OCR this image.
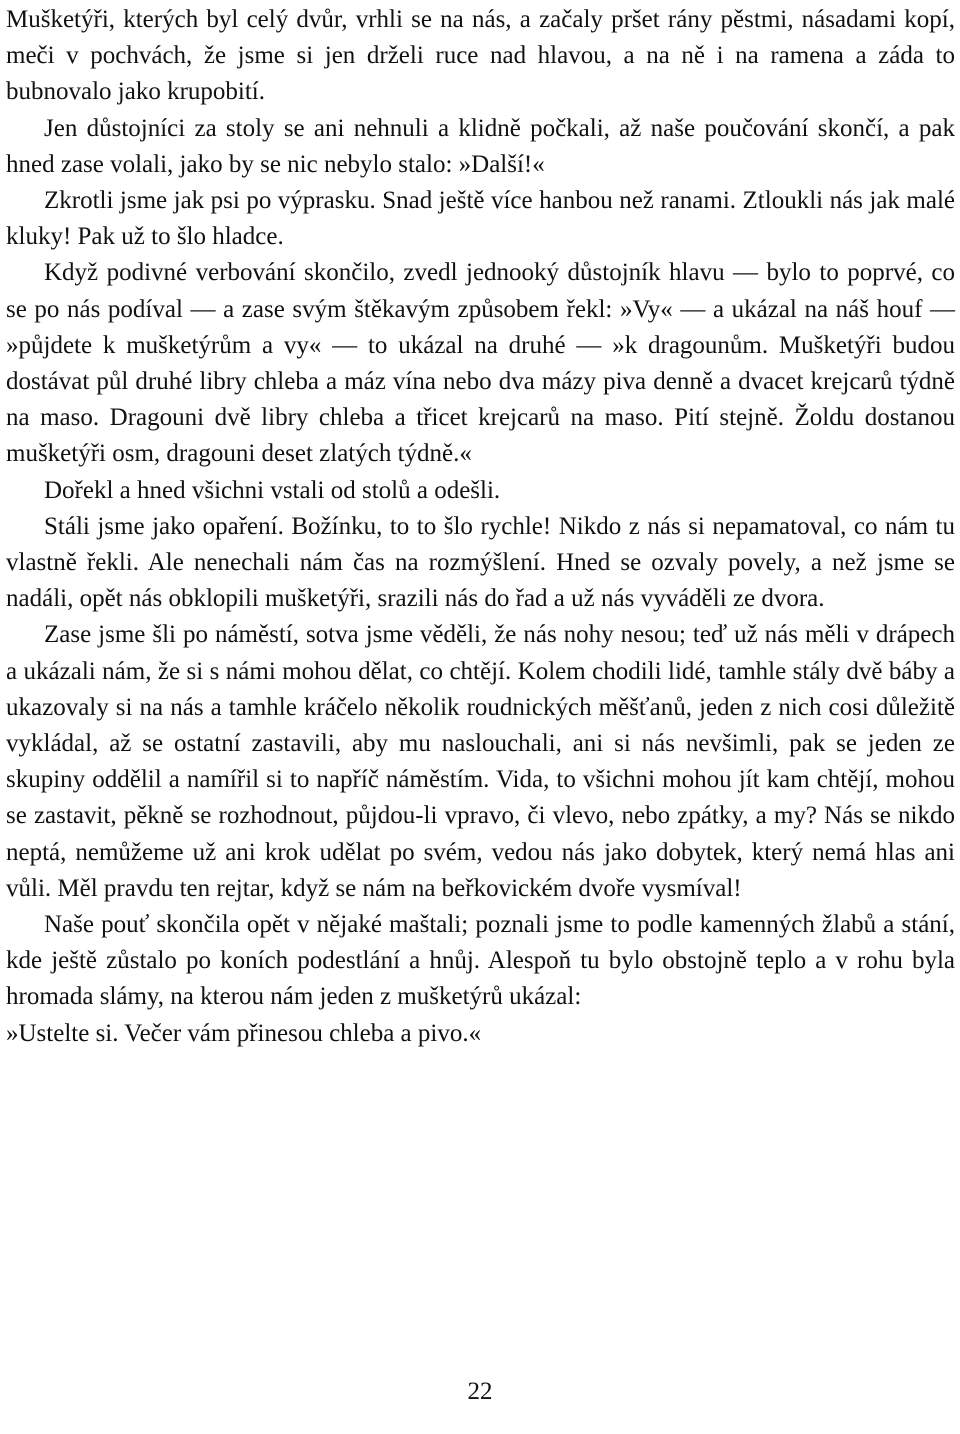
Mušketýři, kterých byl celý dvůr, vrhli se na nás, a začaly pršet rány pěstmi, násadami kopí, meči v pochvách, že jsme si jen drželi ruce nad hlavou, a na ně i na ramena a záda to bubnovalo jako krupobití.

Jen důstojníci za stoly se ani nehnuli a klidně počkali, až naše poučování skončí, a pak hned zase volali, jako by se nic nebylo stalo: »Další!«

Zkrotli jsme jak psi po výprasku. Snad ještě více hanbou než ranami. Ztloukli nás jak malé kluky! Pak už to šlo hladce.

Když podivné verbování skončilo, zvedl jednooký důstojník hlavu — bylo to poprvé, co se po nás podíval — a zase svým štěkavým způsobem řekl: »Vy« — a ukázal na náš houf — »půjdete k mušketýrům a vy« — to ukázal na druhé — »k dragounům. Mušketýři budou dostávat půl druhé libry chleba a máz vína nebo dva mázy piva denně a dvacet krejcarů týdně na maso. Dragouni dvě libry chleba a třicet krejcarů na maso. Pití stejně. Žoldu dostanou mušketýři osm, dragouni deset zlatých týdně.«

Dořekl a hned všichni vstali od stolů a odešli.

Stáli jsme jako opaření. Božínku, to to šlo rychle! Nikdo z nás si nepamatoval, co nám tu vlastně řekli. Ale nenechali nám čas na rozmýšlení. Hned se ozvaly povely, a než jsme se nadáli, opět nás obklopili mušketýři, srazili nás do řad a už nás vyváděli ze dvora.

Zase jsme šli po náměstí, sotva jsme věděli, že nás nohy nesou; teď už nás měli v drápech a ukázali nám, že si s námi mohou dělat, co chtějí. Kolem chodili lidé, tamhle stály dvě báby a ukazovaly si na nás a tamhle kráčelo několik roudnických měšťanů, jeden z nich cosi důležitě vykládal, až se ostatní zastavili, aby mu naslouchali, ani si nás nevšimli, pak se jeden ze skupiny oddělil a namířil si to napříč náměstím. Vida, to všichni mohou jít kam chtějí, mohou se zastavit, pěkně se rozhodnout, půjdou-li vpravo, či vlevo, nebo zpátky, a my? Nás se nikdo neptá, nemůžeme už ani krok udělat po svém, vedou nás jako dobytek, který nemá hlas ani vůli. Měl pravdu ten rejtar, když se nám na beřkovickém dvoře vysmíval!

Naše pouť skončila opět v nějaké maštali; poznali jsme to podle kamenných žlabů a stání, kde ještě zůstalo po koních podestlání a hnůj. Alespoň tu bylo obstojně teplo a v rohu byla hromada slámy, na kterou nám jeden z mušketýrů ukázal:

»Ustelte si. Večer vám přinesou chleba a pivo.«

22
